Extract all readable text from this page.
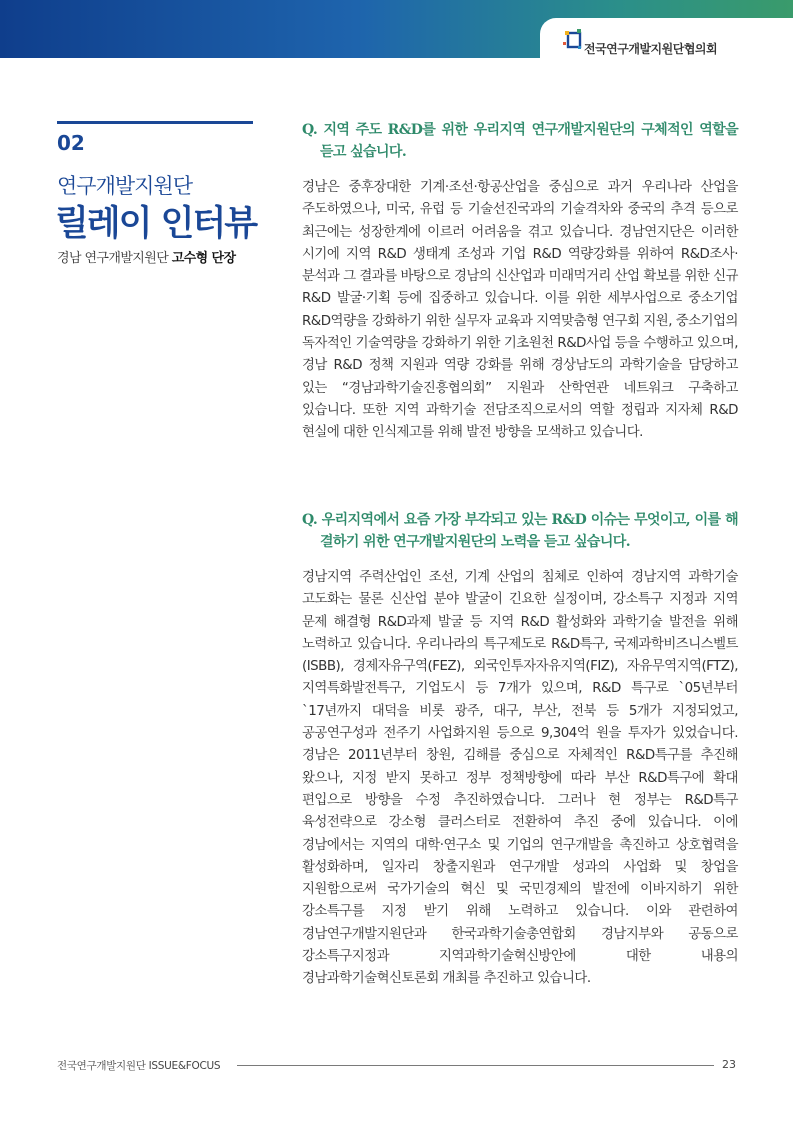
전국연구개발지원단협의회
02
연구개발지원단
릴레이 인터뷰
경남 연구개발지원단 고수형 단장
Q. 지역 주도 R&D를 위한 우리지역 연구개발지원단의 구체적인 역할을 듣고 싶습니다.
경남은 중후장대한 기계·조선·항공산업을 중심으로 과거 우리나라 산업을 주도하였으나, 미국, 유럽 등 기술선진국과의 기술격차와 중국의 추격 등으로 최근에는 성장한계에 이르러 어려움을 겪고 있습니다. 경남연지단은 이러한 시기에 지역 R&D 생태계 조성과 기업 R&D 역량강화를 위하여 R&D조사·분석과 그 결과를 바탕으로 경남의 신산업과 미래먹거리 산업 확보를 위한 신규 R&D 발굴·기획 등에 집중하고 있습니다. 이를 위한 세부사업으로 중소기업 R&D역량을 강화하기 위한 실무자 교육과 지역맞춤형 연구회 지원, 중소기업의 독자적인 기술역량을 강화하기 위한 기초원천 R&D사업 등을 수행하고 있으며, 경남 R&D 정책 지원과 역량 강화를 위해 경상남도의 과학기술을 담당하고 있는 “경남과학기술진흥협의회” 지원과 산학연관 네트워크 구축하고 있습니다. 또한 지역 과학기술 전담조직으로서의 역할 정립과 지자체 R&D 현실에 대한 인식제고를 위해 발전 방향을 모색하고 있습니다.
Q. 우리지역에서 요즘 가장 부각되고 있는 R&D 이슈는 무엇이고, 이를 해결하기 위한 연구개발지원단의 노력을 듣고 싶습니다.
경남지역 주력산업인 조선, 기계 산업의 침체로 인하여 경남지역 과학기술 고도화는 물론 신산업 분야 발굴이 긴요한 실정이며, 강소특구 지정과 지역 문제 해결형 R&D과제 발굴 등 지역 R&D 활성화와 과학기술 발전을 위해 노력하고 있습니다. 우리나라의 특구제도로 R&D특구, 국제과학비즈니스벨트(ISBB), 경제자유구역(FEZ), 외국인투자자유지역(FIZ), 자유무역지역(FTZ), 지역특화발전특구, 기업도시 등 7개가 있으며, R&D 특구로 `05년부터 `17년까지 대덕을 비롯 광주, 대구, 부산, 전북 등 5개가 지정되었고, 공공연구성과 전주기 사업화지원 등으로 9,304억 원을 투자가 있었습니다. 경남은 2011년부터 창원, 김해를 중심으로 자체적인 R&D특구를 추진해 왔으나, 지정 받지 못하고 정부 정책방향에 따라 부산 R&D특구에 확대 편입으로 방향을 수정 추진하였습니다. 그러나 현 정부는 R&D특구 육성전략으로 강소형 클러스터로 전환하여 추진 중에 있습니다. 이에 경남에서는 지역의 대학·연구소 및 기업의 연구개발을 촉진하고 상호협력을 활성화하며, 일자리 창출지원과 연구개발 성과의 사업화 및 창업을 지원함으로써 국가기술의 혁신 및 국민경제의 발전에 이바지하기 위한 강소특구를 지정 받기 위해 노력하고 있습니다. 이와 관련하여 경남연구개발지원단과 한국과학기술총연합회 경남지부와 공동으로 강소특구지정과 지역과학기술혁신방안에 대한 내용의 경남과학기술혁신토론회 개최를 추진하고 있습니다.
전국연구개발지원단 ISSUE&FOCUS	23
